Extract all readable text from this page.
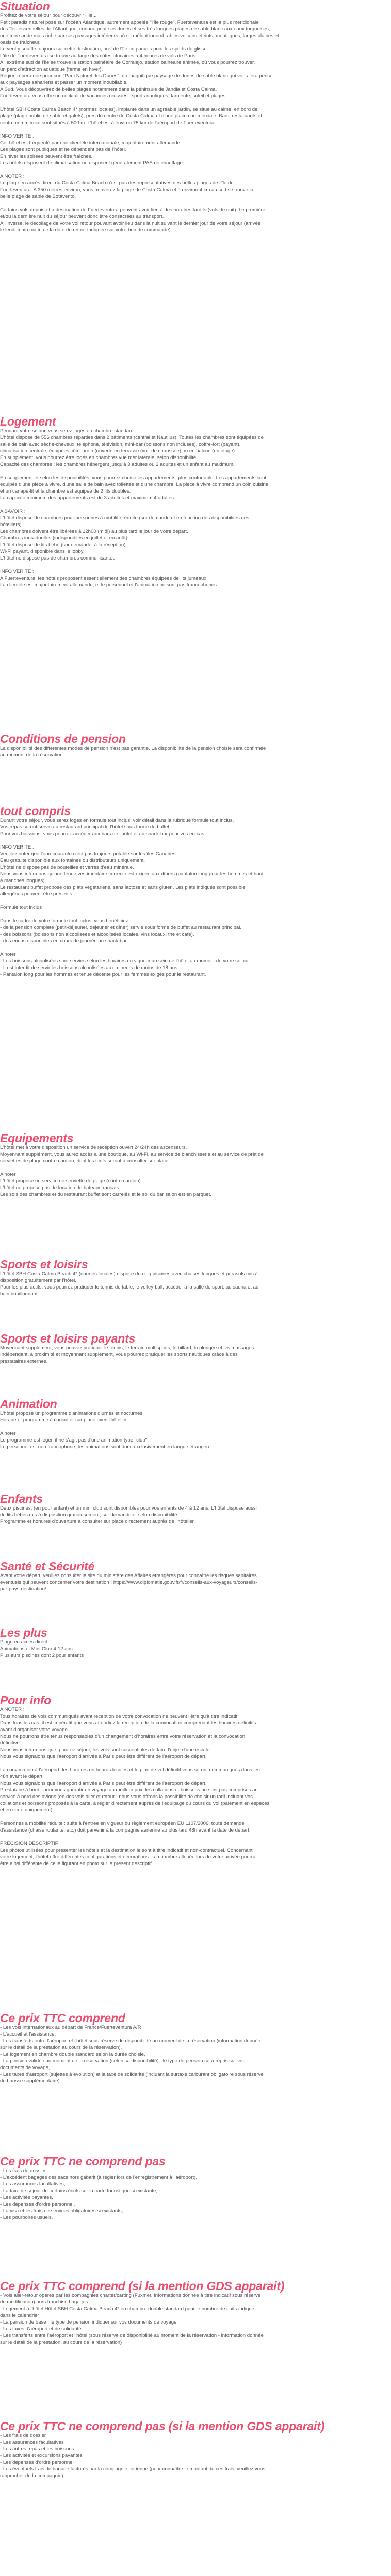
Situation
Profitez de votre séjour pour découvrir l'Ile...
Petit paradis naturel posé sur l'océan Atlantique, autrement appelée "l'île rouge", Fuerteventura est la plus méridionale
des îles essentielles de l'Atlantique, connue pour ses dunes et ses très longues plages de sable blanc aux eaux turquoises,
une terre aride mais riche par ses paysages intérieurs où se mêlent innombrables volcans éteints, montagnes, larges plaines et
oasis de fraîcheur.
Le vent y souffle toujours sur cette destination, bref de l'île un paradis pour les sports de glisse.
L'île de Fuerteventura se trouve au large des côtes africaines à 4 heures de vols de Paris.
A l'extrême sud de l'île se trouve la station balnéaire de Corralejo, station balnéaire animée, où vous pourrez trouver,
un parc d'attraction aquatique (ferme en hiver).
Région répertoriée pour son "Parc Naturel des Dunes", un magnifique paysage de dunes de sable blanc qui vous fera penser
aux paysages sahariens et passer un moment inoubliable.
A Sud. Vous découvrirez de belles plages notamment dans la péninsule de Jandia et Costa Calma.
Fuerteventura vous offre un cocktail de vacances réussies : sports nautiques, farniente, soleil et plages.
L'hôtel SBH Costa Calma Beach 4* (normes locales), implanté dans un agréable jardin, se situe au calme, en bord de
plage (plage public de sable et galets), près du centre de Costa Calma et d'une place commerciale. Bars, restaurants et
centre commercial sont situés à 500 m. L'hôtel est à environ 75 km de l'aéroport de Fuerteventura.
INFO VERITE :
Cet hôtel est fréquenté par une clientèle internationale, majoritairement allemande.
Les plages sont publiques et ne dépendent pas de l'hôtel.
En hiver les soirées peuvent être fraîches.
Les hôtels disposent de climatisation ne disposent généralement PAS de chauffage.
A NOTER :
Le plage en accès direct du Costa Calma Beach n'est pas des représentatives des belles plages de l'île de
Fuerteventura. A 350 mètres environ, vous trouverez la plage de Costa Calma et à environ 4 km au sud se trouve la
belle plage de sable de Sotavento.
Certains vols depuis et à destination de Fuerteventura peuvent avoir lieu à des horaires tardifs (vols de nuit). Le première
et/ou la dernière nuit du séjour peuvent donc être consacrées au transport.
A l'inverse, le décollage de votre vol retour pouvant avoir lieu dans la nuit suivant le dernier jour de votre séjour (arrivée
le lendemain matin de la date de retour indiquée sur votre bon de commande).
Logement
Pendant votre séjour, vous serez logés en chambre standard.
L'hôtel dispose de 556 chambres réparties dans 2 bâtiments (central et Nautilus). Toutes les chambres sont équipées de
salle de bain avec sèche-cheveux, téléphone, télévision, mini-bar (boissons non incluses), coffre-fort (payant),
climatisation centrale, équipées côté jardin (ouverte en terrasse (voir de chaussée) ou en balcon (en étage).
En supplément, vous pourrez être logés en chambres vue mer latérale, selon disponibilité.
Capacité des chambres : les chambres hébergent jusqu'à 3 adultes ou 2 adultes et un enfant au maximum.
En supplément et selon les disponibilités, vous pourrez choisir les appartements, plus confortable. Les appartements sont
équipés d'une pièce à vivre, d'une salle de bain avec toilettes et d'une chambre. La pièce à vivre comprend un coin cuisine
et un canapé-lit et la chambre est équipée de 2 lits doubles.
La capacité minimum des appartements est de 3 adultes et maximum 4 adultes.
A SAVOIR :
L'hôtel dispose de chambres pour personnes à mobilité réduite (sur demande et en fonction des disponibilités des
hôtelliers).
Les chambres doivent être libérées à 12h00 (midi) au plus tard le jour de votre départ.
Chambres individuelles (indisponibles en juillet et en août).
L'hôtel dispose de lits bébé (sur demande, à la réception).
Wi-Fi payant, disponible dans le lobby.
L'hôtel ne dispose pas de chambres communicantes.
INFO VERITE :
A Fuerteventura, les hôtels proposent essentiellement des chambres équipées de lits jumeaux
La clientèle est majoritairement allemande, et le personnel et l'animation ne sont pas francophones.
Conditions de pension
La disponibilité des différentes modes de pension n'est pas garantie. La disponibilité de la pension choisie sera confirmée
au moment de la réservation
tout compris
Durant votre séjour, vous serez logés en formule tout inclus, voir détail dans la rubrique formule tout inclus.
Vos repas seront servis au restaurant principal de l'hôtel sous forme de buffet.
Pour vos boissons, vous pourrez accéder aux bars de l'hôtel et au snack-bar pour vos en-cas.
INFO VERITE :
Veuillez noter que l'eau courante n'est pas toujours potable sur les îles Canaries.
Eau gratuite disponible aux fontaines ou distributeurs uniquement.
L'hôtel ne dispose pas de bouteilles et verres d'eau minérale.
Nous vous informons qu'une tenue vestimentaire correcte est exigée aux dîners (pantalon long pour les hommes et haut
à manches longues).
Le restaurant buffet propose des plats végétariens, sans lactose et sans gluten. Les plats indiqués sont possible
allergènes peuvent être présents.
Formule tout inclus
Dans le cadre de votre formule tout inclus, vous bénéficiez :
- de la pension complète (petit-déjeuner, déjeuner et dîner) servie sous forme de buffet au restaurant principal.
- des boissons (boissons non alcoolisées et alcoolisées locales, vins locaux, thé et café),
- des encas disponibles en cours de journée au snack-bar.
A noter :
- Les boissons alcoolisées sont servies selon les horaires en vigueur au sein de l'hôtel au moment de votre séjour ,
- Il est interdit de servir les boissons alcoolisées aux mineurs de moins de 18 ans,
- Pantalon long pour les hommes et tenue décente pour les femmes exigés pour le restaurant.
Equipements
L'hôtel met à votre disposition un service de réception ouvert 24/24h des ascenseurs.
Moyennant supplément, vous aurez accès à une boutique, au Wi-Fi, au service de blanchisserie et au service de prêt de
serviettes de plage contre caution, dont les tarifs seront à consulter sur place.
A noter :
L'hôtel propose un service de serviette de plage (contre caution).
L'hôtel ne propose pas de location de bateau/ transats.
Les sols des chambres et du restaurant buffet sont carrelés et le sol du bar salon est en parquet.
Sports et loisirs
L'hôtel SBH Costa Calma Beach 4* (normes locales) dispose de cinq piscines avec chaises longues et parasols mis à
disposition gratuitement par l'hôtel.
Pour les plus actifs, vous pourrez pratiquer le tennis de table, le volley-ball, accéder à la salle de sport, au sauna et au
bain bouillonnant.
Sports et loisirs payants
Moyennant supplément, vous pouvez pratiquer le tennis, le terrain multisports, le billard, la plongée et les massages.
Indépendant, à proximité et moyennant supplément, vous pourrez pratiquer les sports nautiques grâce à des
prestataires externes.
Animation
L'hôtel propose un programme d'animations diurnes et nocturnes.
Horaire et programme à consulter sur place avec l'hôtelier.
A noter :
Le programme est léger, il ne s'agit pas d'une animation type "club"
Le personnel est non francophone, les animations sont donc exclusivement en langue étrangère.
Enfants
Deux piscines, (en pour enfant) et un mini club sont disponibles pour vos enfants de 4 à 12 ans. L'hôtel dispose aussi
de lits bébés mis à disposition gracieusement, sur demande et selon disponibilité.
Programme et horaires d'ouverture à consulter sur place directement auprès de l'hôtelier.
Santé et Sécurité
Avant votre départ, veuillez consulter le site du ministère des Affaires étrangères pour connaître les risques sanitaires
éventuels qui peuvent concerner votre destination : https://www.diplomatie.gouv.fr/fr/conseils-aux-voyageurs/conseils-
par-pays-destination/
Les plus
Plage en accès direct
Animations et Mini Club 4-12 ans
Plusieurs piscines dont 2 pour enfants
Pour info
A NOTER :
Tous horaires de vols communiqués avant réception de votre convocation ne peuvent l'être qu'à titre indicatif.
Dans tous les cas, il est impératif que vous attendiez la réception de la convocation comprenant les horaires définitifs
avant d'organiser votre voyage.
Nous ne pourrons être tenus responsables d'un changement d'horaires entre votre réservation et la convocation
définitive.
Nous vous informons que, pour ce séjour, les vols sont susceptibles de faire l'objet d'une escale.
Nous vous signalons que l'aéroport d'arrivée à Paris peut être différent de l'aéroport de départ.
La convocation à l'aéroport, les horaires en heures locales et le plan de vol définitif vous seront communiqués dans les
48h avant le départ.
Nous vous signalons que l'aéroport d'arrivée à Paris peut être différent de l'aéroport de départ.
Prestataire à bord : pour vous garantir un voyage au meilleur prix, les collations et boissons ne sont pas comprises au
service à bord des avions (en des vols aller et retour ; nous vous offrons la possibilité de choisir un tarif incluant vos
collations et boissons proposés à la carte, à régler directement auprès de l'équipage ou cours du vol (paiement en espèces
et en carte uniquement).
Personnes à mobilité réduite : suite à l'entrée en vigueur du règlement européen EU 1107/2006, toute demande
d'assistance (chaise roulante, etc.) doit parvenir à la compagnie aérienne au plus tard 48h avant la date de départ.
PRÉCISION DESCRIPTIF
Les photos utilisées pour présenter les hôtels et la destination le sont à titre indicatif et non-contractuel. Concernant
votre logement, l'hôtel offre différentes configurations et décorations. La chambre allouée lors de votre arrivée pourra
être ainsi différente de celle figurant en photo sur le présent descriptif.
Ce prix TTC comprend
- Les vols internationaux au départ de France/Fuerteventura A/R ,
- L'accueil et l'assistance,
- Les transferts entre l'aéroport et l'hôtel sous réserve de disponibilité au moment de la réservation (information donnée
sur le détail de la prestation au cours de la réservation),
- Le logement en chambre double standard selon la durée choisie,
- La pension validée au moment de la réservation (selon sa disponibilité) : le type de pension sera repris sur vos
documents de voyage,
- Les taxes d'aéroport (sujettes à évolution) et la taxe de solidarité (incluant la surtaxe carburant obligatoire sous réserve
de hausse supplémentaire).
Ce prix TTC ne comprend pas
- Les frais de dossier
- L'excédent bagages des sacs hors gabarit (à régler lors de l'enregistrement à l'aéroport),
- Les assurances facultatives,
- La taxe de séjour de certains écrits sur la carte touristique si existante,
- Les activités payantes,
- Les dépenses d'ordre personnel,
- La visa et les frais de services obligatoires si existants,
- Les pourboires usuels.
Ce prix TTC comprend (si la mention GDS apparait)
- Vols aller-retour opérés par les compagnies charter/carting (Fuxmer. Informations donnée à titre indicatif sous réserve
de modification) hors franchise bagages
- Logement à l'hôtel Hôtel SBH Costa Calma Beach 4* en chambre double standard pour le nombre de nuits indiqué
dans le calendrier
- La pension de base : le type de pension indiquer sur vos documents de voyage
- Les taxes d'aéroport et de solidarité
- Les transferts entre l'aéroport et l'hôtel (sous réserve de disponibilité au moment de la réservation - information donnée
sur le détail de la prestation, au cours de la réservation)
Ce prix TTC ne comprend pas (si la mention GDS apparait)
- Les frais de dossier
- Les assurances facultatives
- Les autres repas et les boissons
- Les activités et excursions payantes
- Les dépenses d'ordre personnel
- Les éventuels frais de bagage facturés par la compagnie aérienne (pour connaître le montant de ces frais, veuillez vous
rapprocher de la compagnie)
